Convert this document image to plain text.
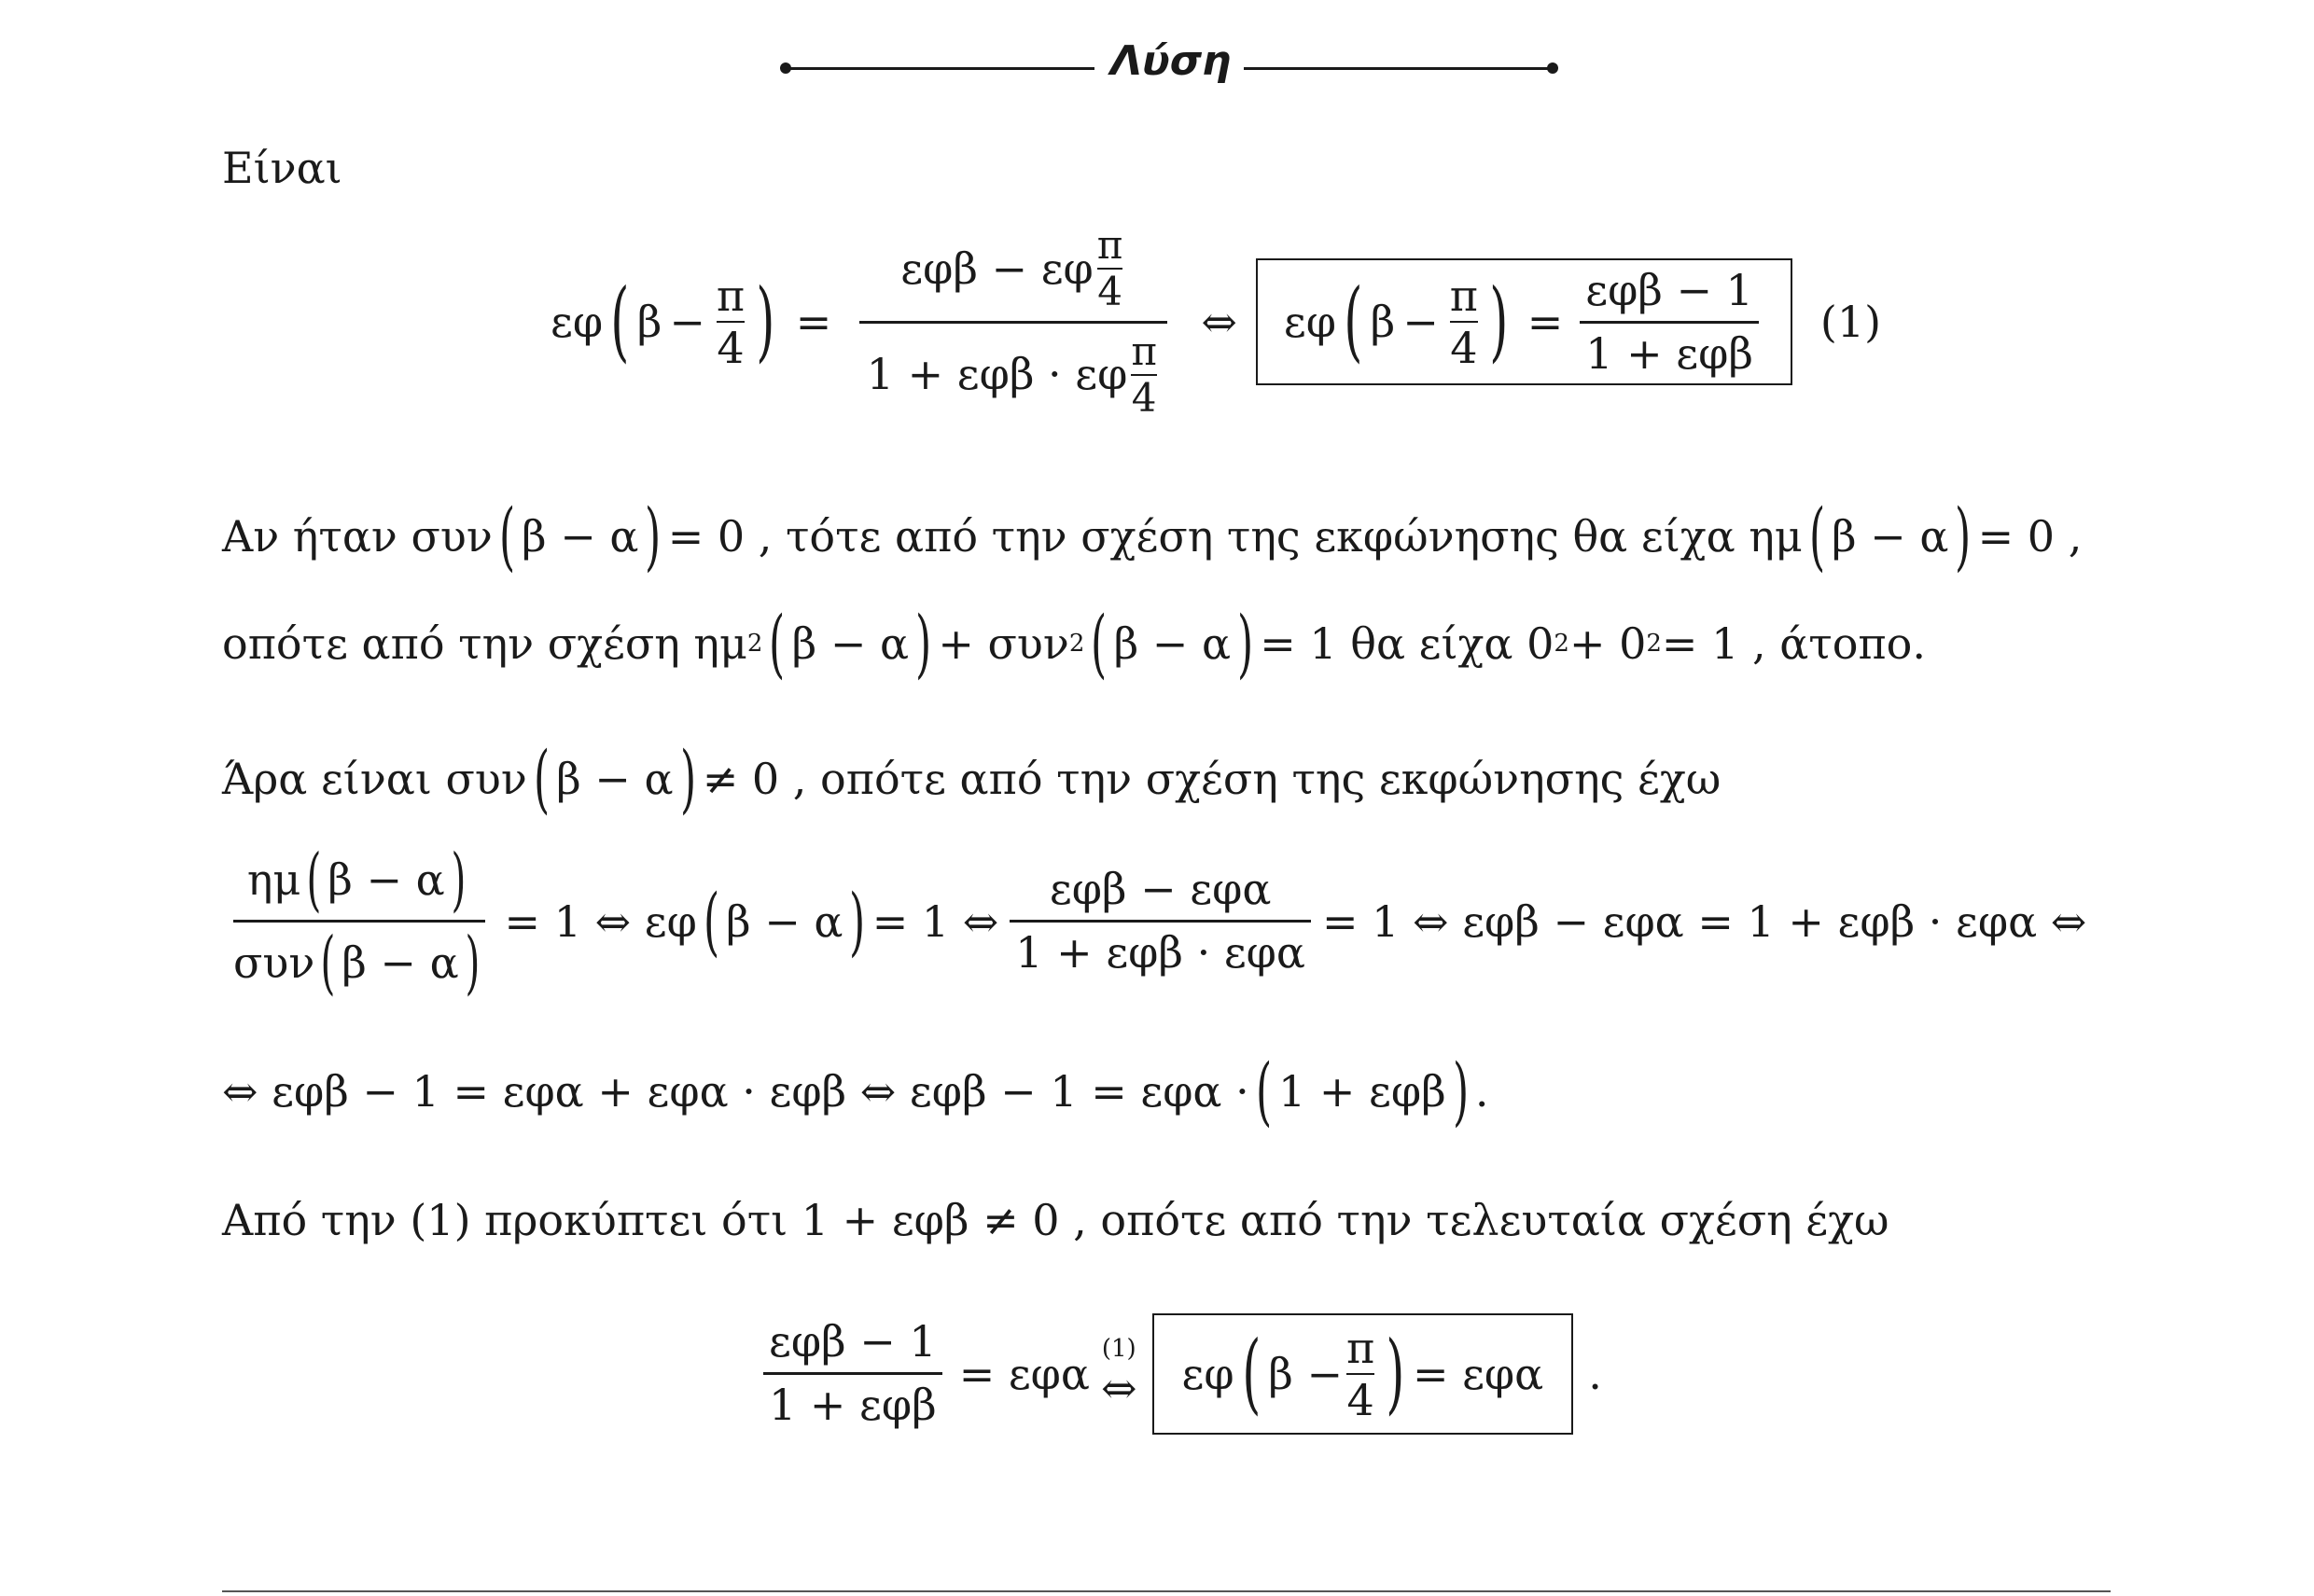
Λύση
Είναι
εφ ( β −
π
4 ) = εφβ − εφ π
4
1 + εφβ · εφ π
4 ⇔ εφ ( β −
π
4 ) = $\frac{\text{εφβ − 1}}{\text{1 + εφβ}} (1)$
Αν ήταν συν ( β − α ) = 0 , τότε από την σχέση της εκφώνησης θα είχα ημ ( β − α ) = 0 ,
οπότε από την σχέση ημ 2 ( β − α ) + συν 2 ( β − α ) = 1 θα είχα 0 2 + 0 2 = 1 , άτοπο.
Άρα είναι συν ( β − α ) ≠ 0 , οπότε από την σχέση της εκφώνησης έχω
$\frac{\eta\mu ( \beta - \alpha )}{\text{συν ( β − α )}} = 1$ ⇔ εφ ( β − α ) = 1 ⇔ $\frac{\text{εφβ − εφα}}{\text{1 + εφβ · εφα}} = 1$ ⇔ εφβ − εφα = 1 + εφβ · εφα ⇔
⇔ εφβ − 1 = εφα + εφα · εφβ ⇔ εφβ − 1 = εφα · ( 1 + εφβ ) .
Από την (1) προκύπτει ότι 1 + εφβ ≠ 0 , οπότε από την τελευταία σχέση έχω
$\frac{\text{εφβ − 1}}{\text{1 + εφβ}} = \varepsilon\varphi\alpha$ (1)
⇔ εφ ( β −
π
4 ) = εφα .
